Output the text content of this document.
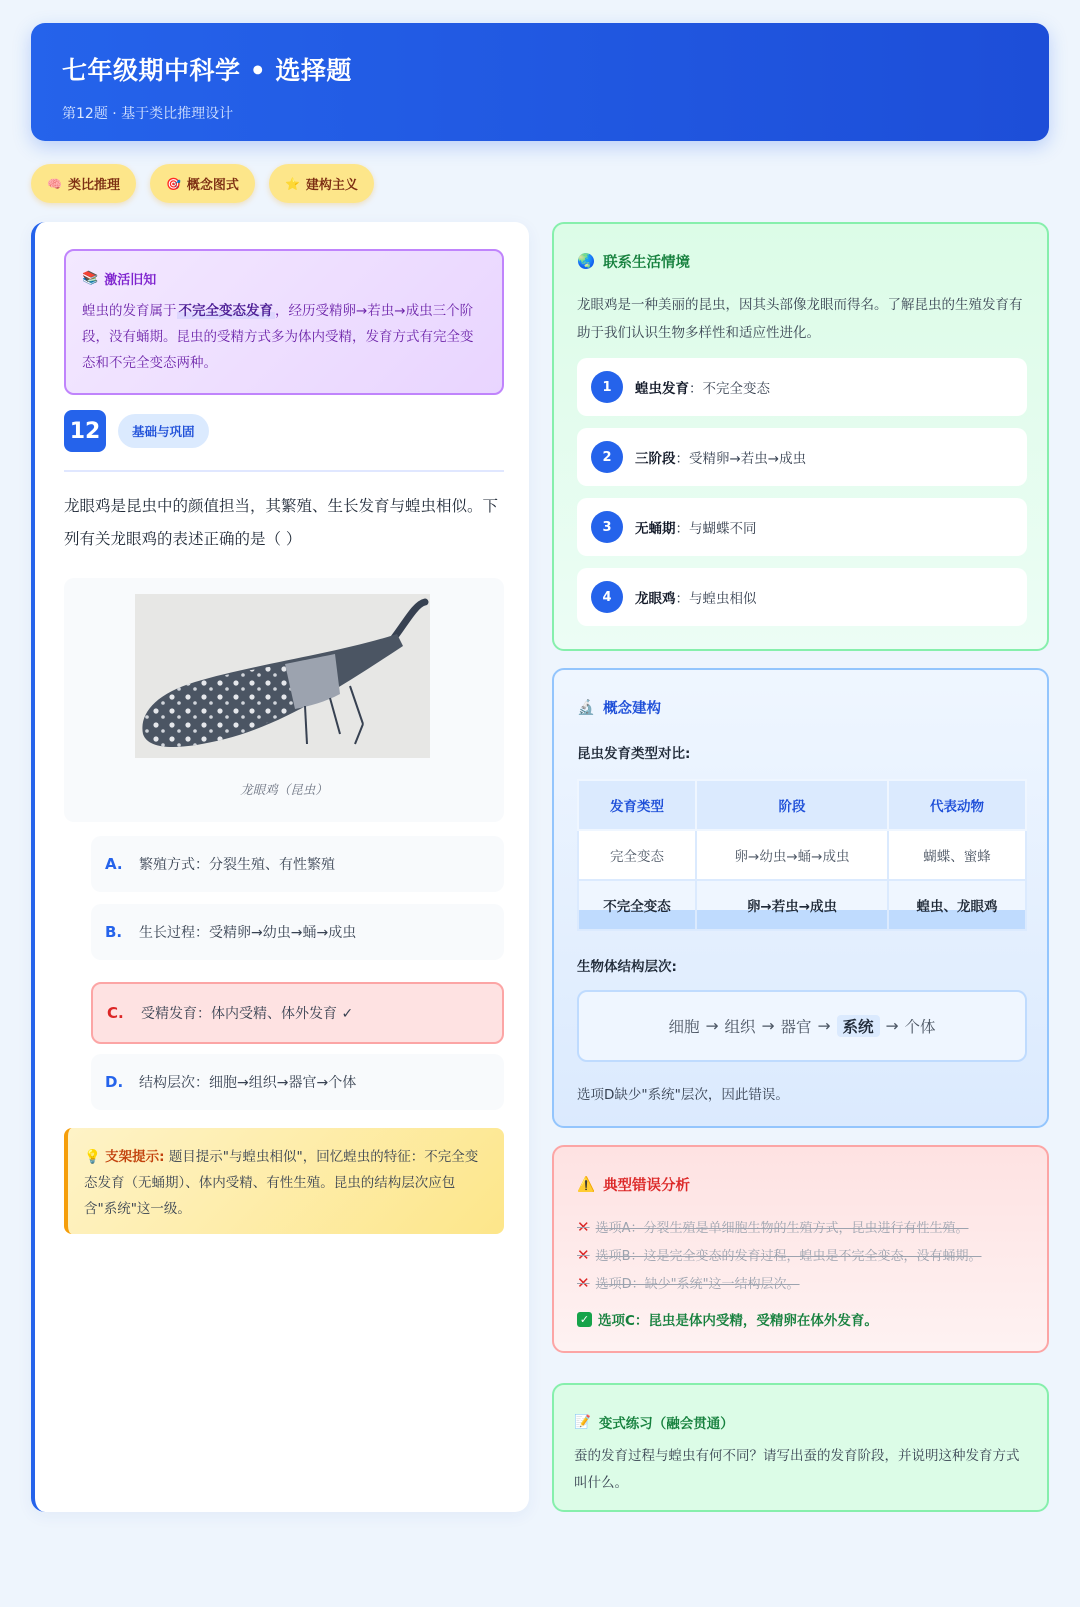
七年级期中科学 • 选择题
第12题 · 基于类比推理设计
🧠 类比推理	🎯 概念图式	⭐ 建构主义
📚 激活旧知
蝗虫的发育属于 不完全变态发育 ，经历受精卵→若虫→成虫三个阶段，没有蛹期。昆虫的受精方式多为体内受精，发育方式有完全变态和不完全变态两种。
12	基础与巩固
龙眼鸡是昆虫中的颜值担当，其繁殖、生长发育与蝗虫相似。下列有关龙眼鸡的表述正确的是（ ）
龙眼鸡（昆虫）
A.	繁殖方式：分裂生殖、有性繁殖
B.	生长过程：受精卵→幼虫→蛹→成虫
C.	受精发育：体内受精、体外发育 ✓
D.	结构层次：细胞→组织→器官→个体
💡 支架提示: 题目提示"与蝗虫相似"，回忆蝗虫的特征：不完全变态发育（无蛹期）、体内受精、有性生殖。昆虫的结构层次应包含"系统"这一级。
🌏 联系生活情境
龙眼鸡是一种美丽的昆虫，因其头部像龙眼而得名。了解昆虫的生殖发育有助于我们认识生物多样性和适应性进化。
1	蝗虫发育 ： 不完全变态
2	三阶段 ： 受精卵→若虫→成虫
3	无蛹期 ： 与蝴蝶不同
4	龙眼鸡 ： 与蝗虫相似
🔬 概念建构
昆虫发育类型对比:
发育类型	阶段	代表动物
完全变态	卵→幼虫→蛹→成虫	蝴蝶、蜜蜂
不完全变态	卵→若虫→成虫	蝗虫、龙眼鸡
生物体结构层次:
细胞 → 组织 → 器官 → 系统 → 个体
选项D缺少"系统"层次，因此错误。
⚠️ 典型错误分析
✕ 选项A：分裂生殖是单细胞生物的生殖方式，昆虫进行有性生殖。
✕ 选项B：这是完全变态的发育过程，蝗虫是不完全变态，没有蛹期。
✕ 选项D：缺少"系统"这一结构层次。
✓ 选项C：昆虫是体内受精，受精卵在体外发育。
📝 变式练习（融会贯通）
蚕的发育过程与蝗虫有何不同？请写出蚕的发育阶段，并说明这种发育方式叫什么。
